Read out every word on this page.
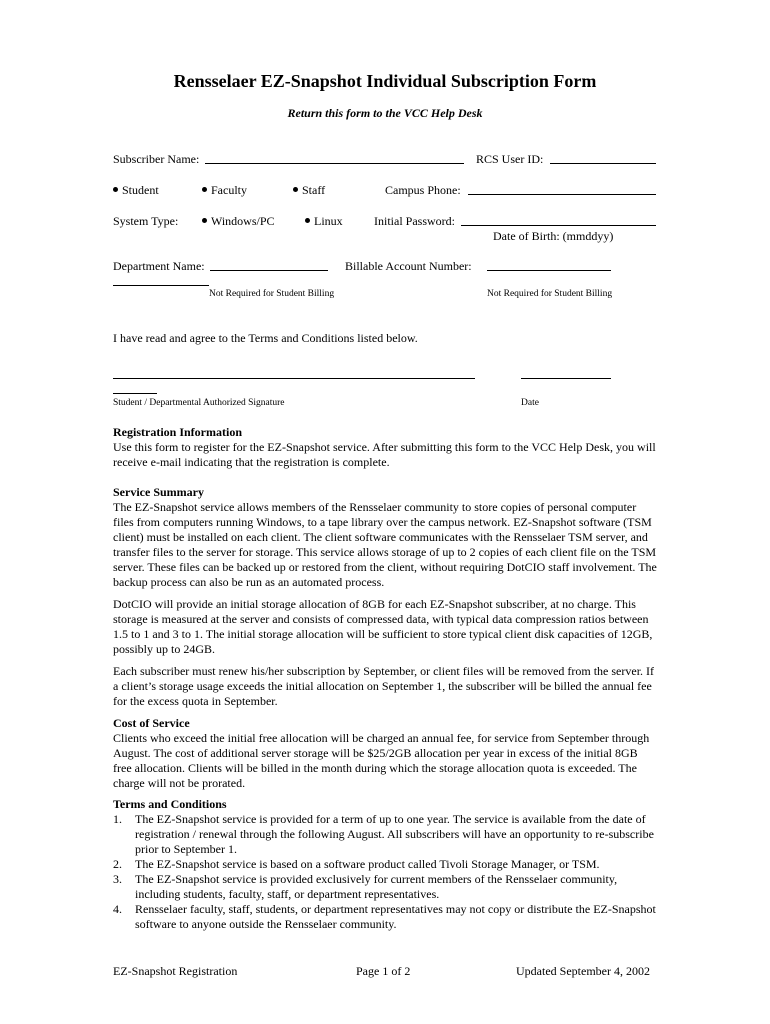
Rensselaer EZ-Snapshot Individual Subscription Form
Return this form to the VCC Help Desk
Subscriber Name:	RCS User ID:
Student	Faculty	Staff	Campus Phone:
System Type:	Windows/PC	Linux	Initial Password:
Date of Birth: (mmddyy)
Department Name:	Billable Account Number:
Not Required for Student Billing	Not Required for Student Billing
I have read and agree to the Terms and Conditions listed below.
Student / Departmental Authorized Signature	Date

Registration Information

Use this form to register for the EZ-Snapshot service. After submitting this form to the VCC Help Desk, you will receive e-mail indicating that the registration is complete.

Service Summary

The EZ-Snapshot service allows members of the Rensselaer community to store copies of personal computer files from computers running Windows, to a tape library over the campus network. EZ-Snapshot software (TSM client) must be installed on each client. The client software communicates with the Rensselaer TSM server, and transfer files to the server for storage. This service allows storage of up to 2 copies of each client file on the TSM server. These files can be backed up or restored from the client, without requiring DotCIO staff involvement. The backup process can also be run as an automated process.

DotCIO will provide an initial storage allocation of 8GB for each EZ-Snapshot subscriber, at no charge. This storage is measured at the server and consists of compressed data, with typical data compression ratios between 1.5 to 1 and 3 to 1. The initial storage allocation will be sufficient to store typical client disk capacities of 12GB, possibly up to 24GB.

Each subscriber must renew his/her subscription by September, or client files will be removed from the server. If a client’s storage usage exceeds the initial allocation on September 1, the subscriber will be billed the annual fee for the excess quota in September.

Cost of Service

Clients who exceed the initial free allocation will be charged an annual fee, for service from September through August. The cost of additional server storage will be $25/2GB allocation per year in excess of the initial 8GB free allocation. Clients will be billed in the month during which the storage allocation quota is exceeded. The charge will not be prorated.

Terms and Conditions
1.	The EZ-Snapshot service is provided for a term of up to one year. The service is available from the date of registration / renewal through the following August. All subscribers will have an opportunity to re-subscribe prior to September 1.
2.	The EZ-Snapshot service is based on a software product called Tivoli Storage Manager, or TSM.
3.	The EZ-Snapshot service is provided exclusively for current members of the Rensselaer community, including students, faculty, staff, or department representatives.
4.	Rensselaer faculty, staff, students, or department representatives may not copy or distribute the EZ-Snapshot software to anyone outside the Rensselaer community.
EZ-Snapshot Registration	Page 1 of 2	Updated September 4, 2002
